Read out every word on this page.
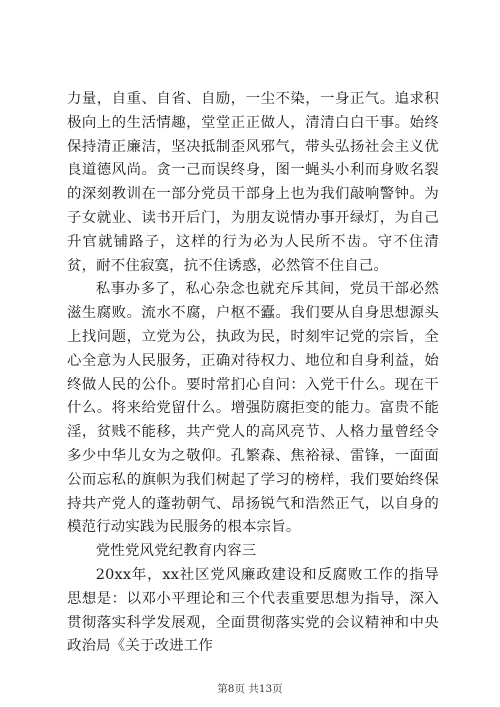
力量，自重、自省、自励，一尘不染，一身正气。追求积极向上的生活情趣，堂堂正正做人，清清白白干事。始终保持清正廉洁，坚决抵制歪风邪气，带头弘扬社会主义优良道德风尚。贪一己而误终身，图一蝇头小利而身败名裂的深刻教训在一部分党员干部身上也为我们敲响警钟。为子女就业、读书开后门，为朋友说情办事开绿灯，为自己升官就铺路子，这样的行为必为人民所不齿。守不住清贫，耐不住寂寞，抗不住诱惑，必然管不住自己。

私事办多了，私心杂念也就充斥其间，党员干部必然滋生腐败。流水不腐，户枢不蠹。我们要从自身思想源头上找问题，立党为公，执政为民，时刻牢记党的宗旨，全心全意为人民服务，正确对待权力、地位和自身利益，始终做人民的公仆。要时常扪心自问：入党干什么。现在干什么。将来给党留什么。增强防腐拒变的能力。富贵不能淫，贫贱不能移，共产党人的高风亮节、人格力量曾经令多少中华儿女为之敬仰。孔繁森、焦裕禄、雷锋，一面面公而忘私的旗帜为我们树起了学习的榜样，我们要始终保持共产党人的蓬勃朝气、昂扬锐气和浩然正气，以自身的模范行动实践为民服务的根本宗旨。

党性党风党纪教育内容三

20xx年，xx社区党风廉政建设和反腐败工作的指导思想是：以邓小平理论和三个代表重要思想为指导，深入贯彻落实科学发展观，全面贯彻落实党的会议精神和中央政治局《关于改进工作

第8页 共13页
